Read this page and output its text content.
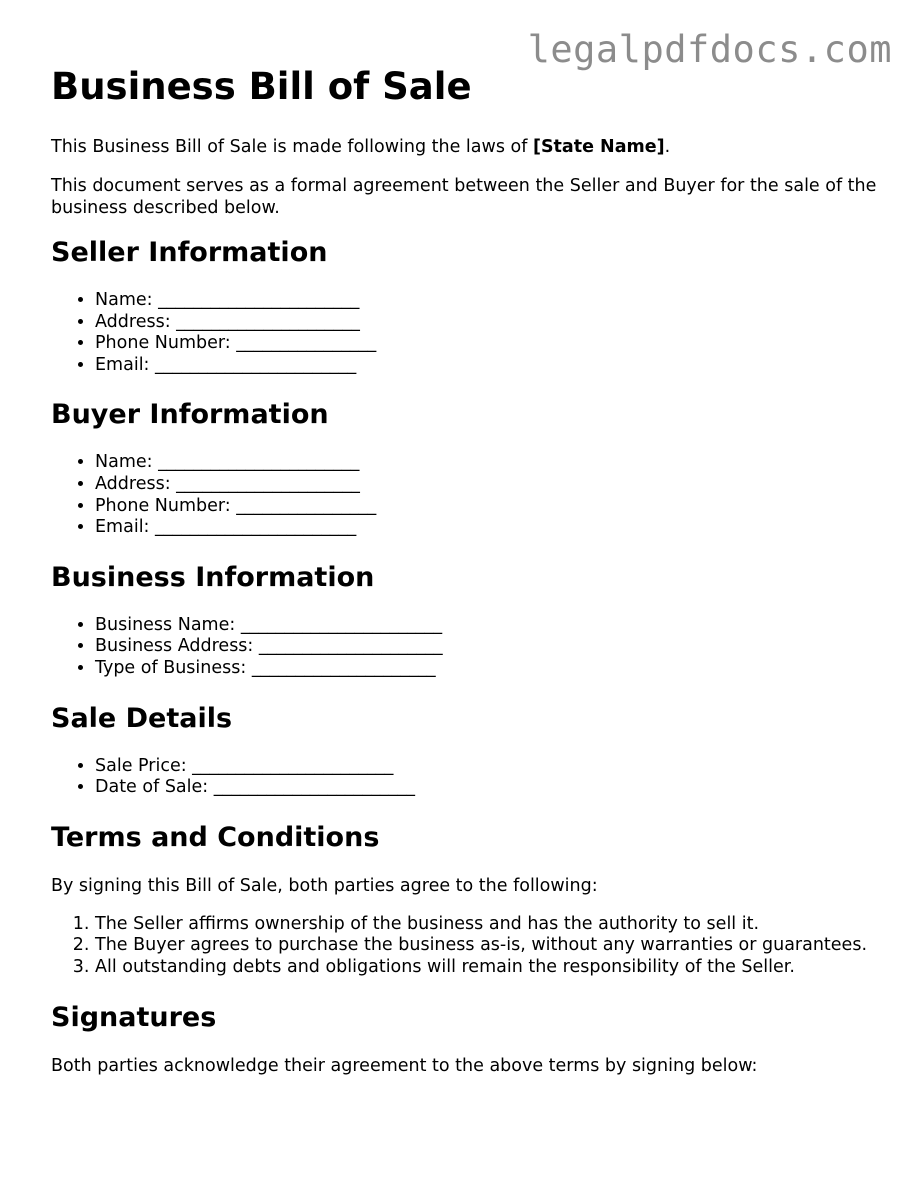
legalpdfdocs.com
Business Bill of Sale

This Business Bill of Sale is made following the laws of [State Name].

This document serves as a formal agreement between the Seller and Buyer for the sale of the business described below.

Seller Information
• Name: _______________________
• Address: _____________________
• Phone Number: ________________
• Email: _______________________
Buyer Information
• Name: _______________________
• Address: _____________________
• Phone Number: ________________
• Email: _______________________
Business Information
• Business Name: _______________________
• Business Address: _____________________
• Type of Business: _____________________
Sale Details
• Sale Price: _______________________
• Date of Sale: _______________________
Terms and Conditions

By signing this Bill of Sale, both parties agree to the following:

1. The Seller affirms ownership of the business and has the authority to sell it.
2. The Buyer agrees to purchase the business as-is, without any warranties or guarantees.
3. All outstanding debts and obligations will remain the responsibility of the Seller.
Signatures

Both parties acknowledge their agreement to the above terms by signing below:
